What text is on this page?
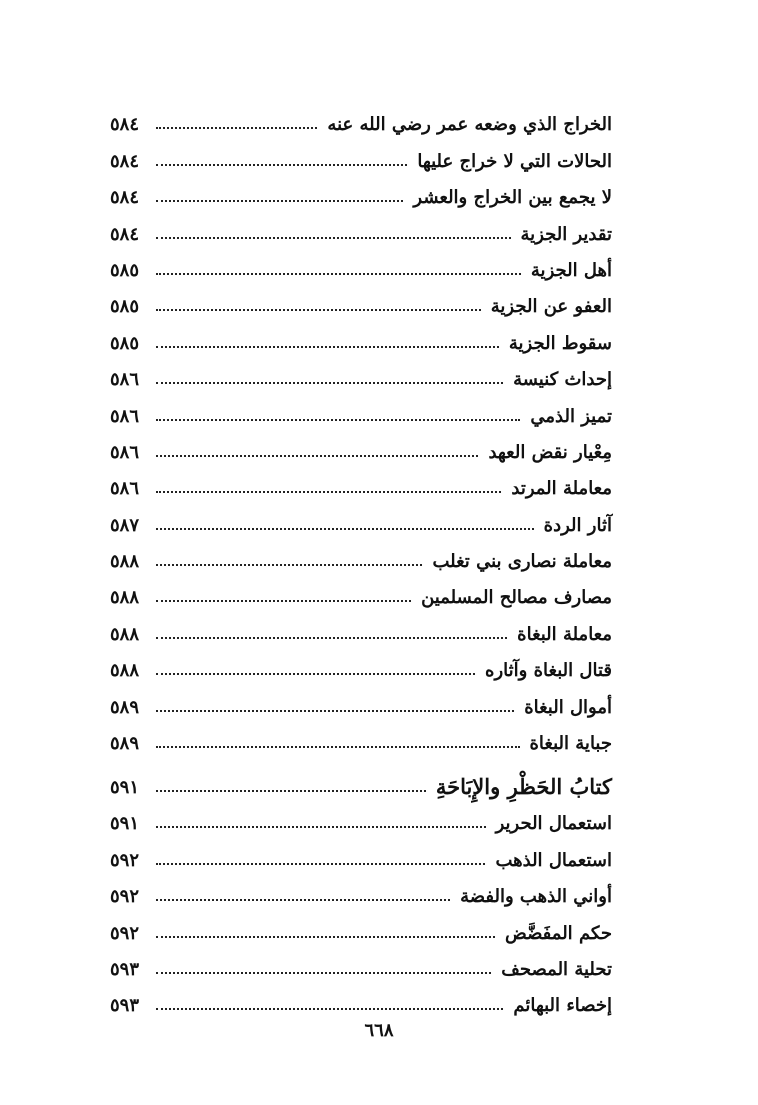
الخراج الذي وضعه عمر رضي الله عنه
٥٨٤
الحالات التي لا خراج عليها
٥٨٤
لا يجمع بين الخراج والعشر
٥٨٤
تقدير الجزية
٥٨٤
أهل الجزية
٥٨٥
العفو عن الجزية
٥٨٥
سقوط الجزية
٥٨٥
إحداث كنيسة
٥٨٦
تميز الذمي
٥٨٦
مِعْيار نقض العهد
٥٨٦
معاملة المرتد
٥٨٦
آثار الردة
٥٨٧
معاملة نصارى بني تغلب
٥٨٨
مصارف مصالح المسلمين
٥٨٨
معاملة البغاة
٥٨٨
قتال البغاة وآثاره
٥٨٨
أموال البغاة
٥٨٩
جباية البغاة
٥٨٩
كتابُ الحَظْرِ والإِبَاحَةِ
٥٩١
استعمال الحرير
٥٩١
استعمال الذهب
٥٩٢
أواني الذهب والفضة
٥٩٢
حكم المفَضَّض
٥٩٢
تحلية المصحف
٥٩٣
إخصاء البهائم
٥٩٣
٦٦٨
